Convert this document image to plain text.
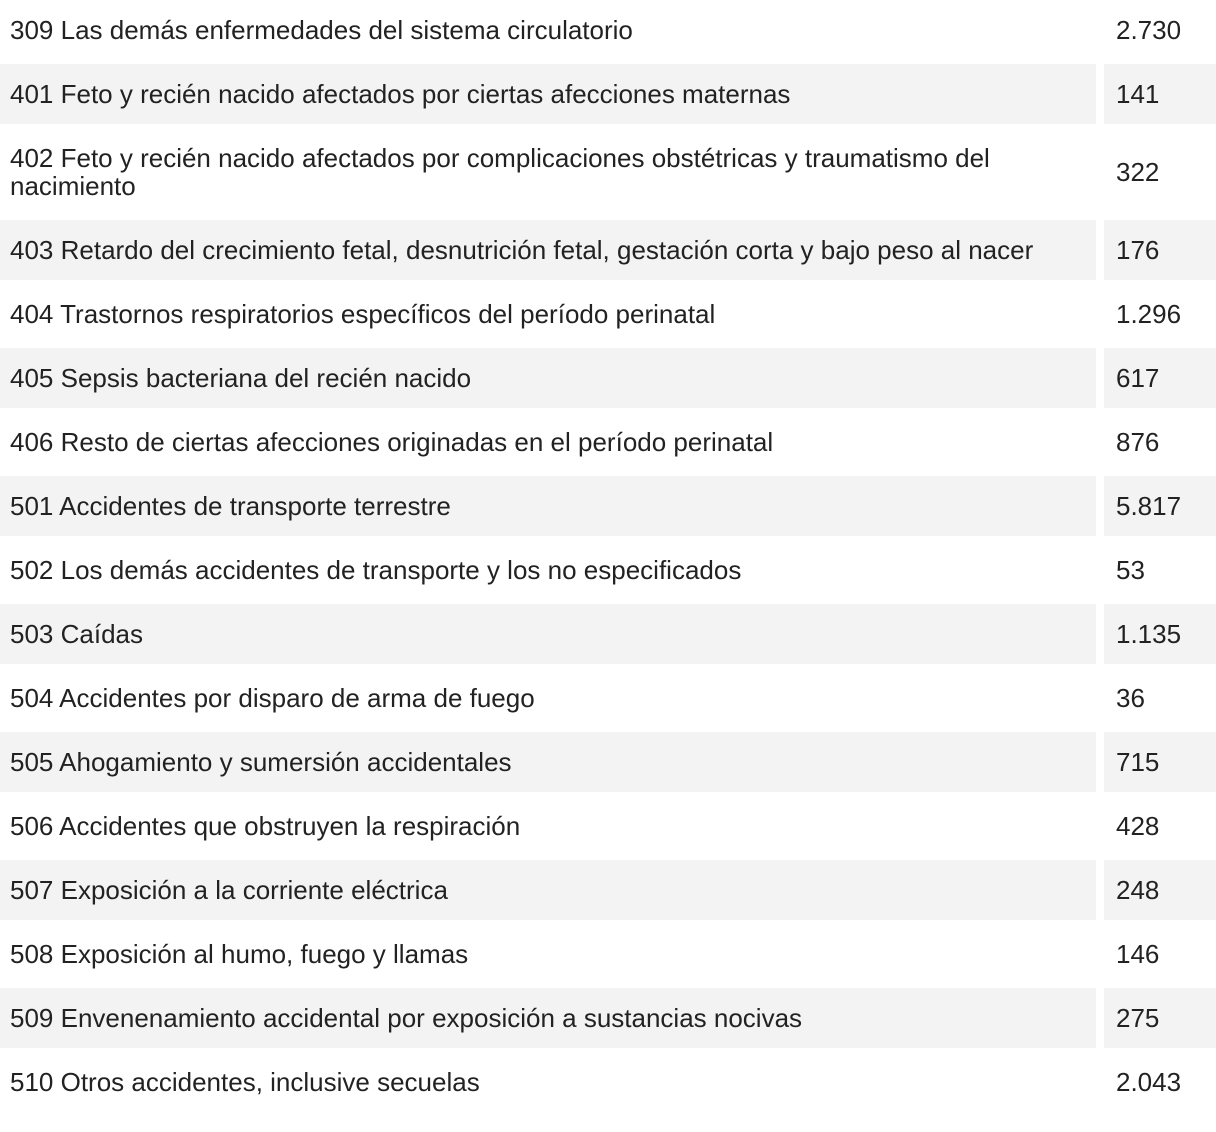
309 Las demás enfermedades del sistema circulatorio	2.730
401 Feto y recién nacido afectados por ciertas afecciones maternas	141
402 Feto y recién nacido afectados por complicaciones obstétricas y traumatismo del nacimiento	322
403 Retardo del crecimiento fetal, desnutrición fetal, gestación corta y bajo peso al nacer	176
404 Trastornos respiratorios específicos del período perinatal	1.296
405 Sepsis bacteriana del recién nacido	617
406 Resto de ciertas afecciones originadas en el período perinatal	876
501 Accidentes de transporte terrestre	5.817
502 Los demás accidentes de transporte y los no especificados	53
503 Caídas	1.135
504 Accidentes por disparo de arma de fuego	36
505 Ahogamiento y sumersión accidentales	715
506 Accidentes que obstruyen la respiración	428
507 Exposición a la corriente eléctrica	248
508 Exposición al humo, fuego y llamas	146
509 Envenenamiento accidental por exposición a sustancias nocivas	275
510 Otros accidentes, inclusive secuelas	2.043
